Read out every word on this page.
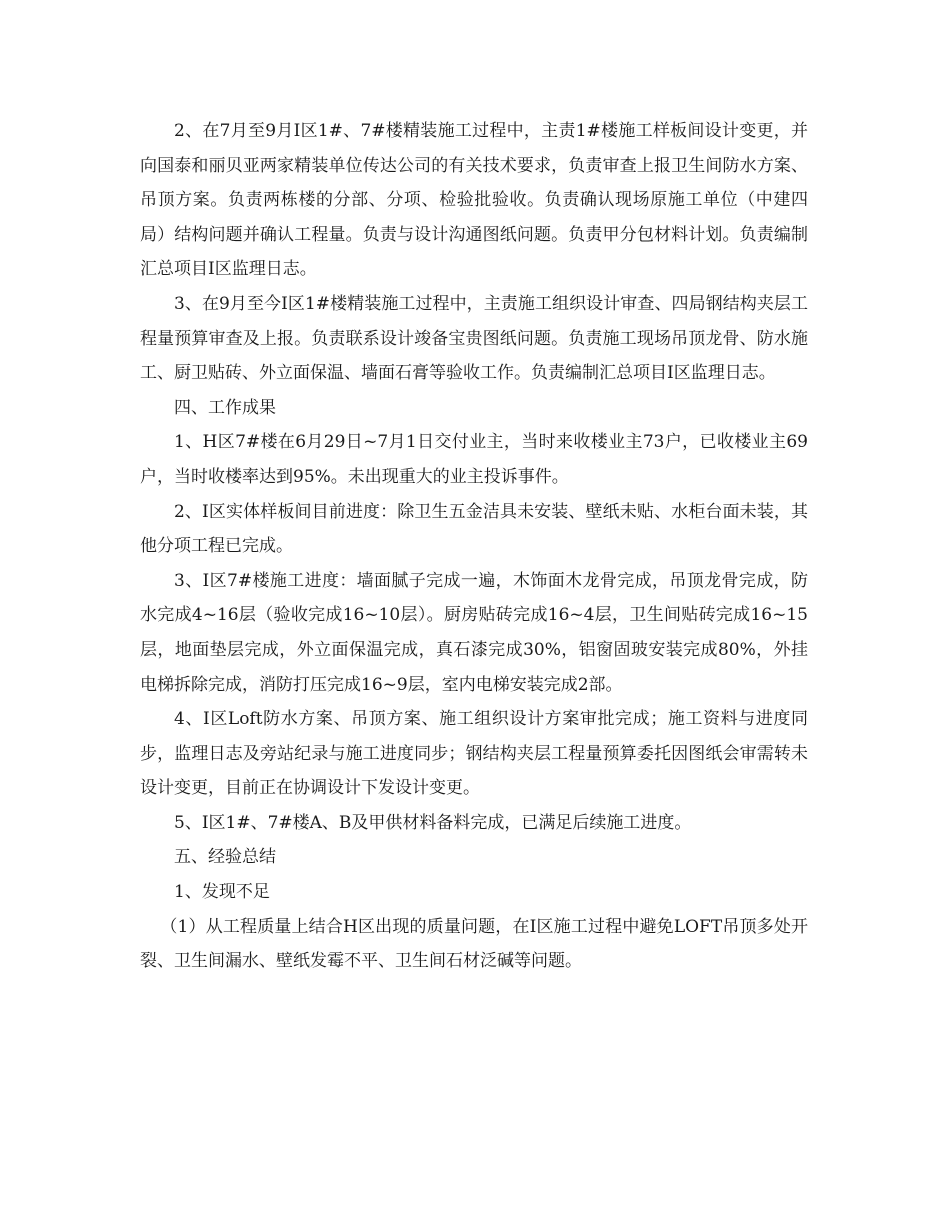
2、在7月至9月Ⅰ区1#、7#楼精装施工过程中，主责1#楼施工样板间设计变更，并向国泰和丽贝亚两家精装单位传达公司的有关技术要求，负责审查上报卫生间防水方案、吊顶方案。负责两栋楼的分部、分项、检验批验收。负责确认现场原施工单位（中建四局）结构问题并确认工程量。负责与设计沟通图纸问题。负责甲分包材料计划。负责编制汇总项目Ⅰ区监理日志。

3、在9月至今Ⅰ区1#楼精装施工过程中，主责施工组织设计审查、四局钢结构夹层工程量预算审查及上报。负责联系设计竣备宝贵图纸问题。负责施工现场吊顶龙骨、防水施工、厨卫贴砖、外立面保温、墙面石膏等验收工作。负责编制汇总项目Ⅰ区监理日志。

四、工作成果

1、H区7#楼在6月29日~7月1日交付业主，当时来收楼业主73户，已收楼业主69户，当时收楼率达到95%。未出现重大的业主投诉事件。

2、Ⅰ区实体样板间目前进度：除卫生五金洁具未安装、壁纸未贴、水柜台面未装，其他分项工程已完成。

3、Ⅰ区7#楼施工进度：墙面腻子完成一遍，木饰面木龙骨完成，吊顶龙骨完成，防水完成4~16层（验收完成16~10层）。厨房贴砖完成16~4层，卫生间贴砖完成16~15层，地面垫层完成，外立面保温完成，真石漆完成30%，铝窗固玻安装完成80%，外挂电梯拆除完成，消防打压完成16~9层，室内电梯安装完成2部。

4、Ⅰ区Loft防水方案、吊顶方案、施工组织设计方案审批完成；施工资料与进度同步，监理日志及旁站纪录与施工进度同步；钢结构夹层工程量预算委托因图纸会审需转未设计变更，目前正在协调设计下发设计变更。

5、Ⅰ区1#、7#楼A、B及甲供材料备料完成，已满足后续施工进度。

五、经验总结

1、发现不足

（1）从工程质量上结合H区出现的质量问题，在Ⅰ区施工过程中避免LOFT吊顶多处开裂、卫生间漏水、壁纸发霉不平、卫生间石材泛碱等问题。
